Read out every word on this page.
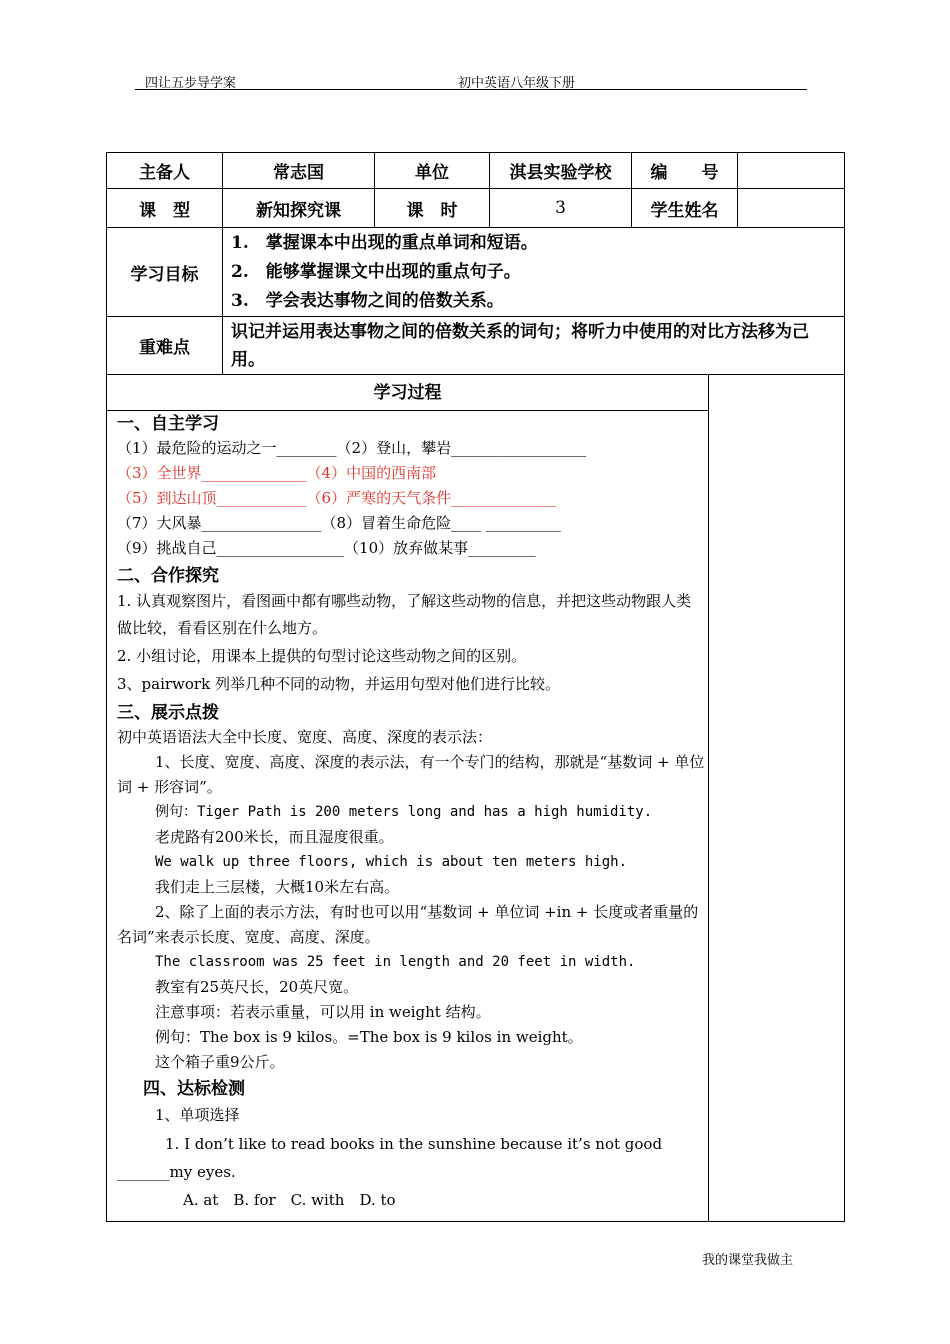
四让五步导学案	初中英语八年级下册
主备人	常志国	单位	淇县实验学校	编　　号	
课　型	新知探究课	课　时	3	学生姓名	
学习目标	1.　掌握课本中出现的重点单词和短语。
2.　能够掌握课文中出现的重点句子。
3.　学会表达事物之间的倍数关系。				

重难点	识记并运用表达事物之间的倍数关系的词句；将听力中使用的对比方法移为己用。				
学习过程
一、自主学习
（1）最危险的运动之一________（2）登山，攀岩__________________
（3）全世界______________（4）中国的西南部
（5）到达山顶____________（6）严寒的天气条件______________
（7）大风暴________________（8）冒着生命危险____ __________
（9）挑战自己_________________（10）放弃做某事_________
二、合作探究
1. 认真观察图片，看图画中都有哪些动物，了解这些动物的信息，并把这些动物跟人类做比较，看看区别在什么地方。
2. 小组讨论，用课本上提供的句型讨论这些动物之间的区别。
3、pairwork 列举几种不同的动物，并运用句型对他们进行比较。
三、展示点拨
初中英语语法大全中长度、宽度、高度、深度的表示法：
1、长度、宽度、高度、深度的表示法，有一个专门的结构，那就是“基数词 + 单位词 + 形容词”。
例句：Tiger Path is 200 meters long and has a high humidity.
老虎路有200米长，而且湿度很重。
We walk up three floors, which is about ten meters high.
我们走上三层楼，大概10米左右高。
2、除了上面的表示方法，有时也可以用“基数词 + 单位词 +in + 长度或者重量的名词”来表示长度、宽度、高度、深度。
The classroom was 25 feet in length and 20 feet in width.
教室有25英尺长，20英尺宽。
注意事项：若表示重量，可以用 in weight 结构。
例句：The box is 9 kilos。=The box is 9 kilos in weight。
这个箱子重9公斤。
四、达标检测
1、单项选择
1. I don’t like to read books in the sunshine because it’s not good _______my eyes.
A. at　B. for　C. with　D. to
我的课堂我做主
